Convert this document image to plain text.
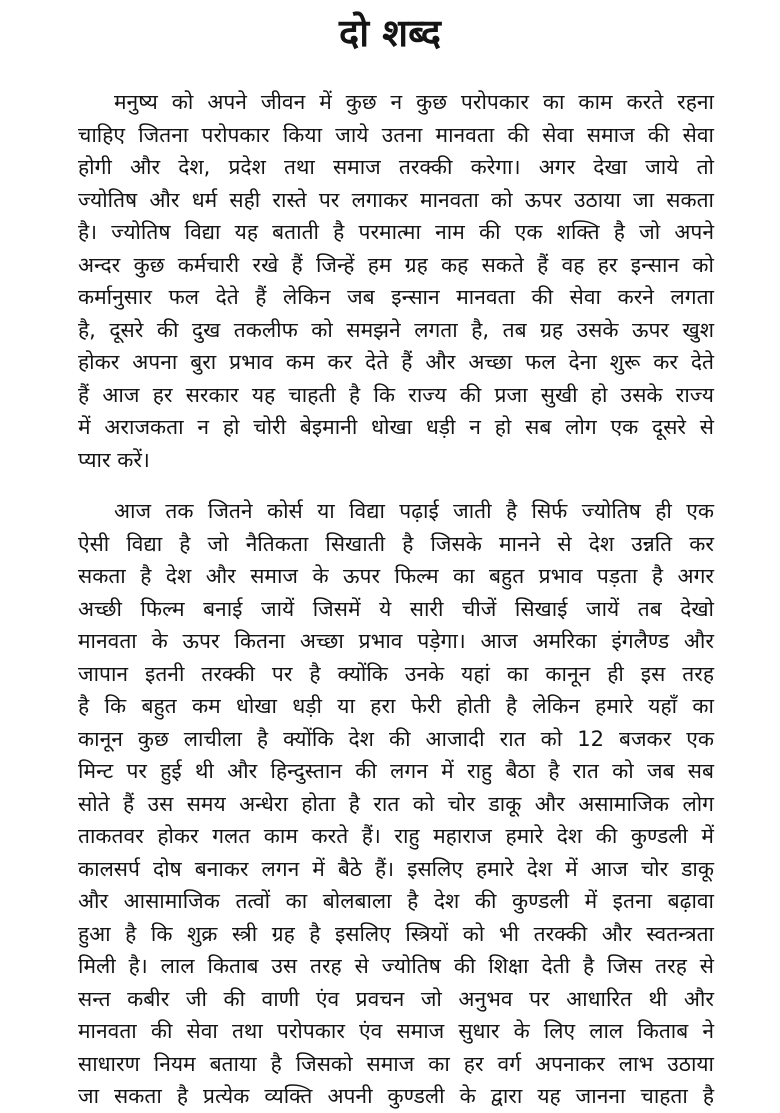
दो शब्द
मनुष्य को अपने जीवन में कुछ न कुछ परोपकार का काम करते रहना
चाहिए जितना परोपकार किया जाये उतना मानवता की सेवा समाज की सेवा
होगी और देश, प्रदेश तथा समाज तरक्की करेगा। अगर देखा जाये तो
ज्योतिष और धर्म सही रास्ते पर लगाकर मानवता को ऊपर उठाया जा सकता
है। ज्योतिष विद्या यह बताती है परमात्मा नाम की एक शक्ति है जो अपने
अन्दर कुछ कर्मचारी रखे हैं जिन्हें हम ग्रह कह सकते हैं वह हर इन्सान को
कर्मानुसार फल देते हैं लेकिन जब इन्सान मानवता की सेवा करने लगता
है, दूसरे की दुख तकलीफ को समझने लगता है, तब ग्रह उसके ऊपर खुश
होकर अपना बुरा प्रभाव कम कर देते हैं और अच्छा फल देना शुरू कर देते
हैं आज हर सरकार यह चाहती है कि राज्य की प्रजा सुखी हो उसके राज्य
में अराजकता न हो चोरी बेइमानी धोखा धड़ी न हो सब लोग एक दूसरे से
प्यार करें।
आज तक जितने कोर्स या विद्या पढ़ाई जाती है सिर्फ ज्योतिष ही एक
ऐसी विद्या है जो नैतिकता सिखाती है जिसके मानने से देश उन्नति कर
सकता है देश और समाज के ऊपर फिल्म का बहुत प्रभाव पड़ता है अगर
अच्छी फिल्म बनाई जायें जिसमें ये सारी चीजें सिखाई जायें तब देखो
मानवता के ऊपर कितना अच्छा प्रभाव पड़ेगा। आज अमरिका इंगलैण्ड और
जापान इतनी तरक्की पर है क्योंकि उनके यहां का कानून ही इस तरह
है कि बहुत कम धोखा धड़ी या हरा फेरी होती है लेकिन हमारे यहाँ का
कानून कुछ लाचीला है क्योंकि देश की आजादी रात को 12 बजकर एक
मिन्ट पर हुई थी और हिन्दुस्तान की लगन में राहु बैठा है रात को जब सब
सोते हैं उस समय अन्धेरा होता है रात को चोर डाकू और असामाजिक लोग
ताकतवर होकर गलत काम करते हैं। राहु महाराज हमारे देश की कुण्डली में
कालसर्प दोष बनाकर लगन में बैठे हैं। इसलिए हमारे देश में आज चोर डाकू
और आसामाजिक तत्वों का बोलबाला है देश की कुण्डली में इतना बढ़ावा
हुआ है कि शुक्र स्त्री ग्रह है इसलिए स्त्रियों को भी तरक्की और स्वतन्त्रता
मिली है। लाल किताब उस तरह से ज्योतिष की शिक्षा देती है जिस तरह से
सन्त कबीर जी की वाणी एंव प्रवचन जो अनुभव पर आधारित थी और
मानवता की सेवा तथा परोपकार एंव समाज सुधार के लिए लाल किताब ने
साधारण नियम बताया है जिसको समाज का हर वर्ग अपनाकर लाभ उठाया
जा सकता है प्रत्येक व्यक्ति अपनी कुण्डली के द्वारा यह जानना चाहता है
